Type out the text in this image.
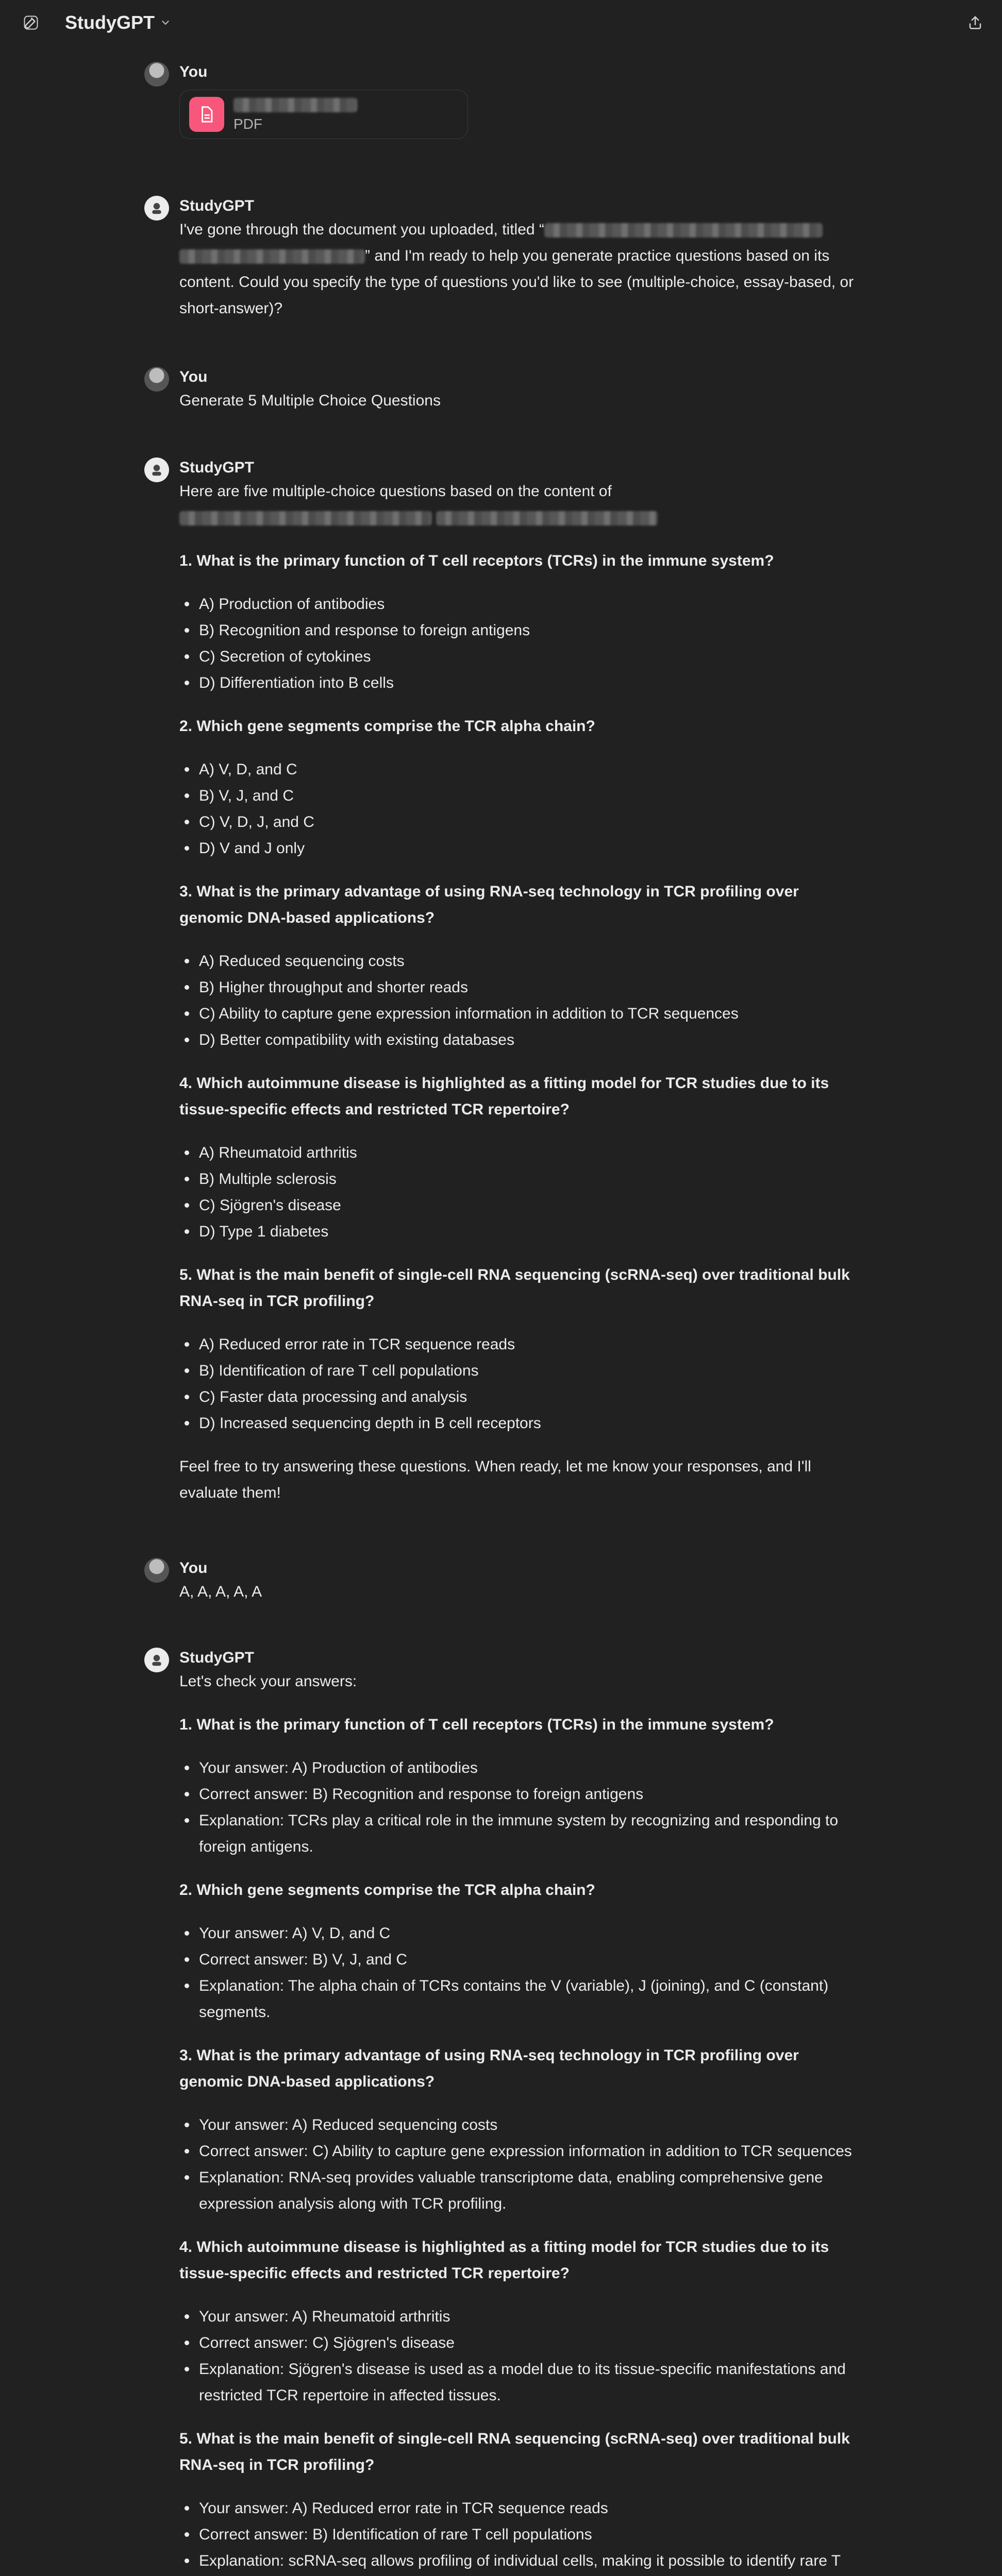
StudyGPT
You
PDF
StudyGPT

I've gone through the document you uploaded, titled “ ” and I'm ready to help you generate practice questions based on its content. Could you specify the type of questions you'd like to see (multiple-choice, essay-based, or short-answer)?

You

Generate 5 Multiple Choice Questions

StudyGPT

Here are five multiple-choice questions based on the content of

1. What is the primary function of T cell receptors (TCRs) in the immune system?

A) Production of antibodies
B) Recognition and response to foreign antigens
C) Secretion of cytokines
D) Differentiation into B cells

2. Which gene segments comprise the TCR alpha chain?

A) V, D, and C
B) V, J, and C
C) V, D, J, and C
D) V and J only

3. What is the primary advantage of using RNA-seq technology in TCR profiling over genomic DNA-based applications?

A) Reduced sequencing costs
B) Higher throughput and shorter reads
C) Ability to capture gene expression information in addition to TCR sequences
D) Better compatibility with existing databases

4. Which autoimmune disease is highlighted as a fitting model for TCR studies due to its tissue-specific effects and restricted TCR repertoire?

A) Rheumatoid arthritis
B) Multiple sclerosis
C) Sjögren's disease
D) Type 1 diabetes

5. What is the main benefit of single-cell RNA sequencing (scRNA-seq) over traditional bulk RNA-seq in TCR profiling?

A) Reduced error rate in TCR sequence reads
B) Identification of rare T cell populations
C) Faster data processing and analysis
D) Increased sequencing depth in B cell receptors

Feel free to try answering these questions. When ready, let me know your responses, and I'll evaluate them!

You

A, A, A, A, A

StudyGPT

Let's check your answers:

1. What is the primary function of T cell receptors (TCRs) in the immune system?

Your answer: A) Production of antibodies
Correct answer: B) Recognition and response to foreign antigens
Explanation: TCRs play a critical role in the immune system by recognizing and responding to foreign antigens.

2. Which gene segments comprise the TCR alpha chain?

Your answer: A) V, D, and C
Correct answer: B) V, J, and C
Explanation: The alpha chain of TCRs contains the V (variable), J (joining), and C (constant) segments.

3. What is the primary advantage of using RNA-seq technology in TCR profiling over genomic DNA-based applications?

Your answer: A) Reduced sequencing costs
Correct answer: C) Ability to capture gene expression information in addition to TCR sequences
Explanation: RNA-seq provides valuable transcriptome data, enabling comprehensive gene expression analysis along with TCR profiling.

4. Which autoimmune disease is highlighted as a fitting model for TCR studies due to its tissue-specific effects and restricted TCR repertoire?

Your answer: A) Rheumatoid arthritis
Correct answer: C) Sjögren's disease
Explanation: Sjögren's disease is used as a model due to its tissue-specific manifestations and restricted TCR repertoire in affected tissues.

5. What is the main benefit of single-cell RNA sequencing (scRNA-seq) over traditional bulk RNA-seq in TCR profiling?

Your answer: A) Reduced error rate in TCR sequence reads
Correct answer: B) Identification of rare T cell populations
Explanation: scRNA-seq allows profiling of individual cells, making it possible to identify rare T
